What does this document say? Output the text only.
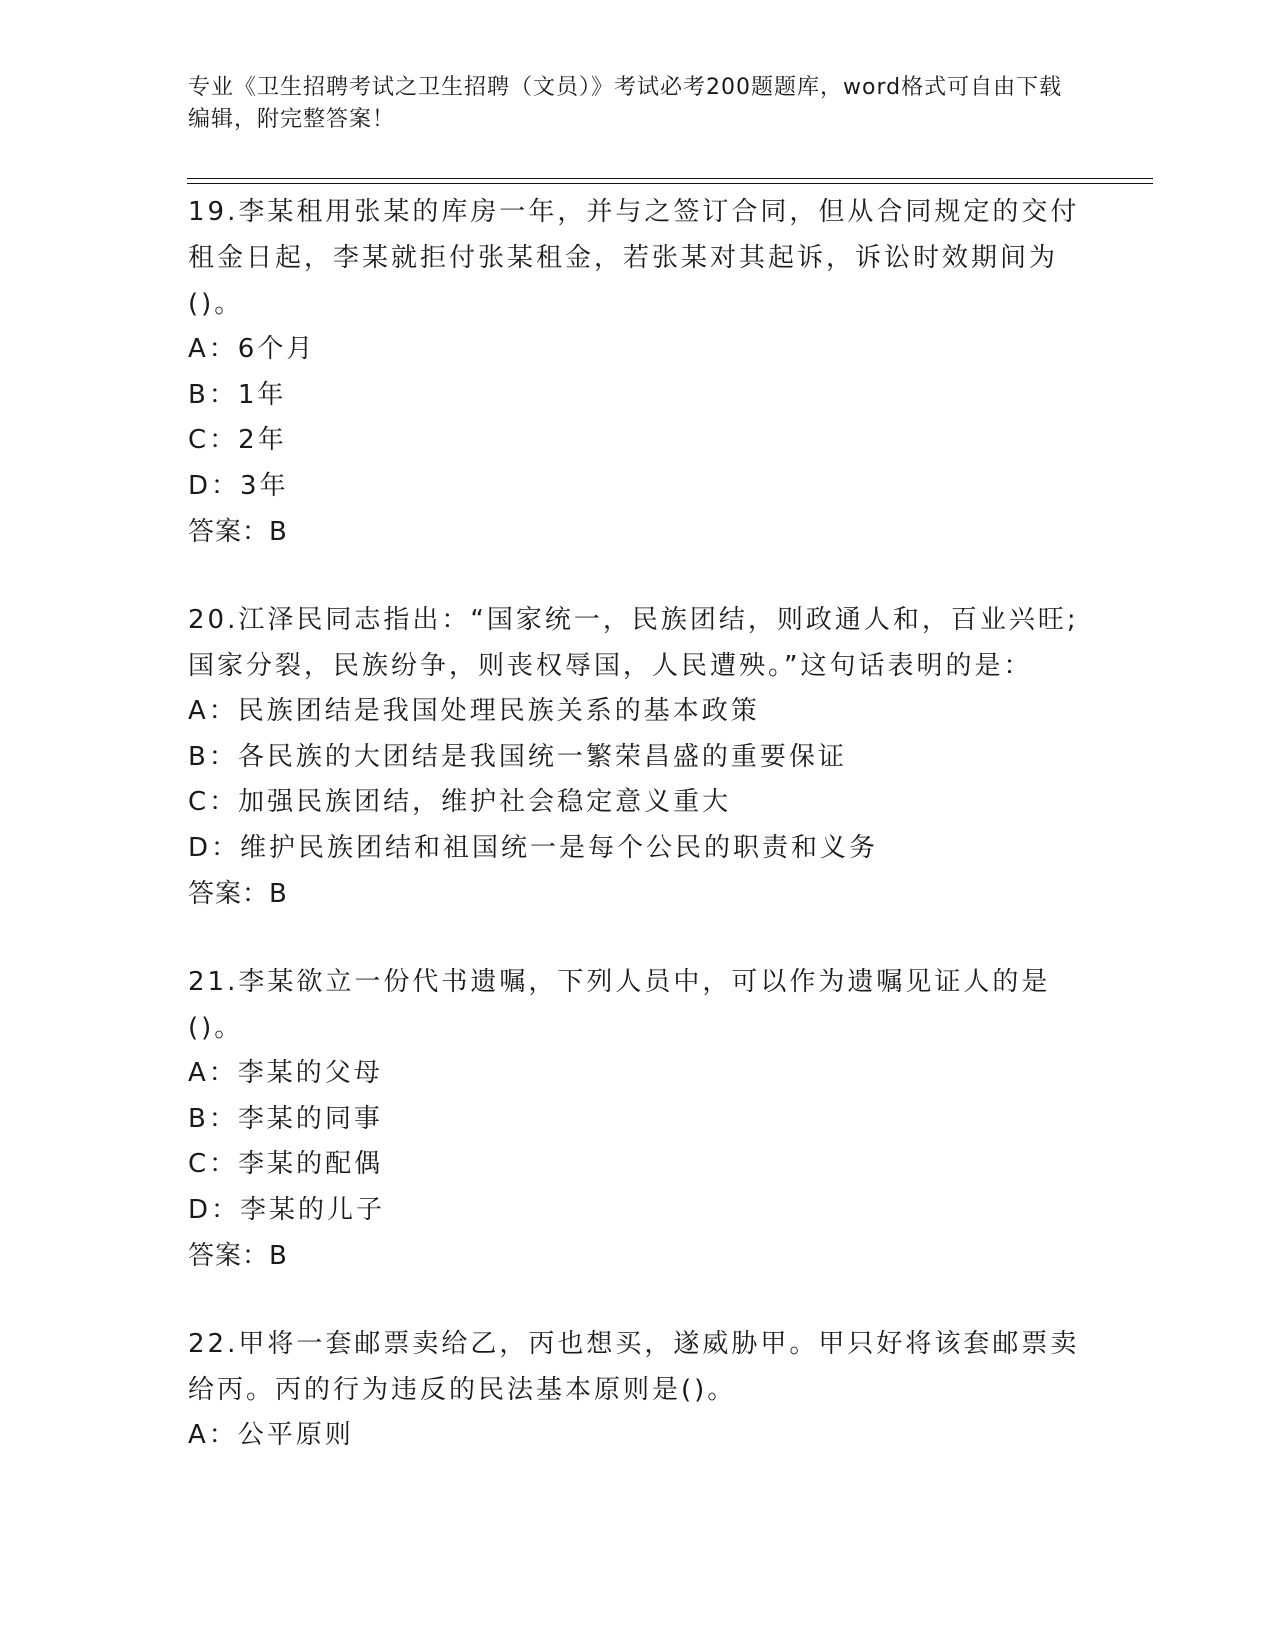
专业《卫生招聘考试之卫生招聘（文员）》考试必考200题题库，word格式可自由下载编辑，附完整答案！

19.李某租用张某的库房一年，并与之签订合同，但从合同规定的交付租金日起，李某就拒付张某租金，若张某对其起诉，诉讼时效期间为()。

A：6个月

B：1年

C：2年

D：3年

答案：B

20.江泽民同志指出：“国家统一，民族团结，则政通人和，百业兴旺;国家分裂，民族纷争，则丧权辱国，人民遭殃。”这句话表明的是：

A：民族团结是我国处理民族关系的基本政策

B：各民族的大团结是我国统一繁荣昌盛的重要保证

C：加强民族团结，维护社会稳定意义重大

D：维护民族团结和祖国统一是每个公民的职责和义务

答案：B

21.李某欲立一份代书遗嘱，下列人员中，可以作为遗嘱见证人的是()。

A：李某的父母

B：李某的同事

C：李某的配偶

D：李某的儿子

答案：B

22.甲将一套邮票卖给乙，丙也想买，遂威胁甲。甲只好将该套邮票卖给丙。丙的行为违反的民法基本原则是()。

A：公平原则
